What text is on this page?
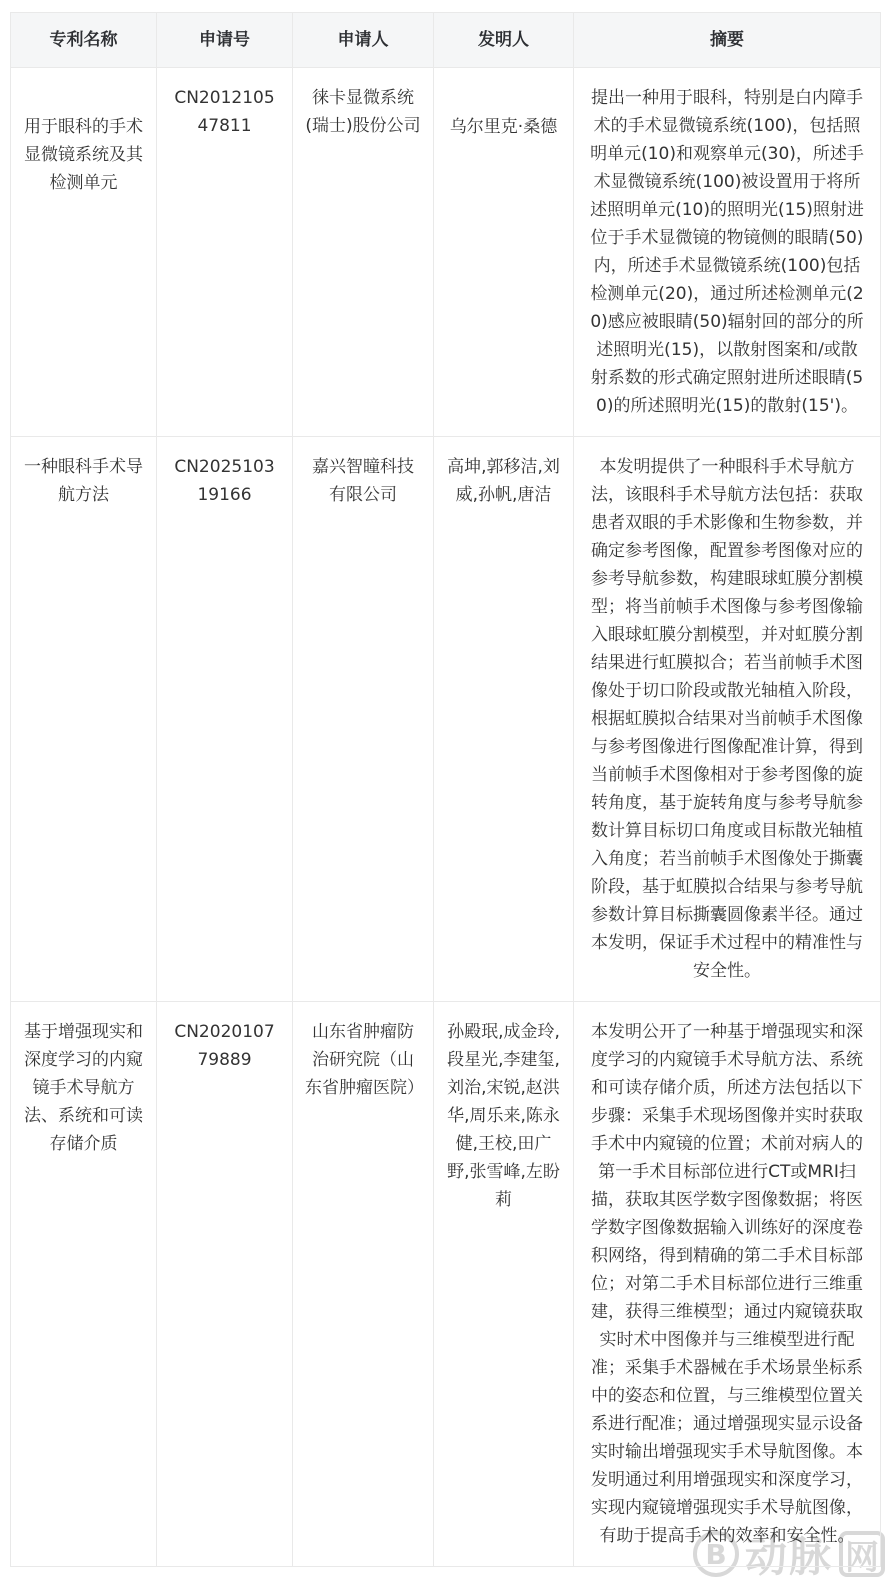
B 动脉 网
专利名称	申请号	申请人	发明人	摘要
用于眼科的手术显微镜系统及其检测单元	CN201210547811	徕卡显微系统(瑞士)股份公司	乌尔里克·桑德	提出一种用于眼科，特别是白内障手术的手术显微镜系统(100)，包括照明单元(10)和观察单元(30)，所述手术显微镜系统(100)被设置用于将所述照明单元(10)的照明光(15)照射进位于手术显微镜的物镜侧的眼睛(50)内，所述手术显微镜系统(100)包括检测单元(20)，通过所述检测单元(20)感应被眼睛(50)辐射回的部分的所述照明光(15)，以散射图案和/或散射系数的形式确定照射进所述眼睛(50)的所述照明光(15)的散射(15')。
一种眼科手术导航方法	CN202510319166	嘉兴智瞳科技有限公司	高坤,郭移洁,刘威,孙帆,唐洁	本发明提供了一种眼科手术导航方法，该眼科手术导航方法包括：获取患者双眼的手术影像和生物参数，并确定参考图像，配置参考图像对应的参考导航参数，构建眼球虹膜分割模型；将当前帧手术图像与参考图像输入眼球虹膜分割模型，并对虹膜分割结果进行虹膜拟合；若当前帧手术图像处于切口阶段或散光轴植入阶段，根据虹膜拟合结果对当前帧手术图像与参考图像进行图像配准计算，得到当前帧手术图像相对于参考图像的旋转角度，基于旋转角度与参考导航参数计算目标切口角度或目标散光轴植入角度；若当前帧手术图像处于撕囊阶段，基于虹膜拟合结果与参考导航参数计算目标撕囊圆像素半径。通过本发明，保证手术过程中的精准性与安全性。
基于增强现实和深度学习的内窥镜手术导航方法、系统和可读存储介质	CN202010779889	山东省肿瘤防治研究院（山东省肿瘤医院）	孙殿珉,成金玲,段星光,李建玺,刘治,宋锐,赵洪华,周乐来,陈永健,王校,田广野,张雪峰,左盼莉	本发明公开了一种基于增强现实和深度学习的内窥镜手术导航方法、系统和可读存储介质，所述方法包括以下步骤：采集手术现场图像并实时获取手术中内窥镜的位置；术前对病人的第一手术目标部位进行CT或MRI扫描，获取其医学数字图像数据；将医学数字图像数据输入训练好的深度卷积网络，得到精确的第二手术目标部位；对第二手术目标部位进行三维重建，获得三维模型；通过内窥镜获取实时术中图像并与三维模型进行配准；采集手术器械在手术场景坐标系中的姿态和位置，与三维模型位置关系进行配准；通过增强现实显示设备实时输出增强现实手术导航图像。本发明通过利用增强现实和深度学习，实现内窥镜增强现实手术导航图像，有助于提高手术的效率和安全性。
